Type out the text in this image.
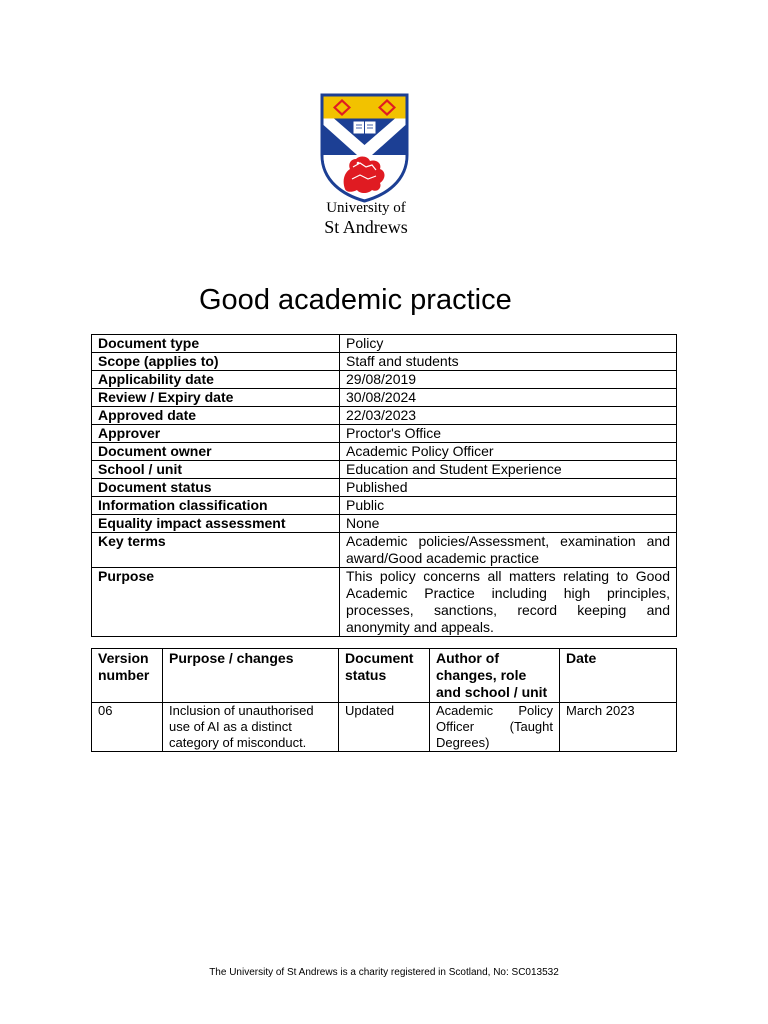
University of
St Andrews
Good academic practice
Document type	Policy
Scope (applies to)	Staff and students
Applicability date	29/08/2019
Review / Expiry date	30/08/2024
Approved date	22/03/2023
Approver	Proctor's Office
Document owner	Academic Policy Officer
School / unit	Education and Student Experience
Document status	Published
Information classification	Public
Equality impact assessment	None
Key terms	Academic policies/Assessment, examination and award/Good academic practice
Purpose	This policy concerns all matters relating to Good Academic Practice including high principles, processes, sanctions, record keeping and anonymity and appeals.
Version number	Purpose / changes	Document status	Author of changes, role and school / unit	Date
06	Inclusion of unauthorised use of AI as a distinct category of misconduct.	Updated	Academic Policy Officer (Taught Degrees)	March 2023
The University of St Andrews is a charity registered in Scotland, No: SC013532
